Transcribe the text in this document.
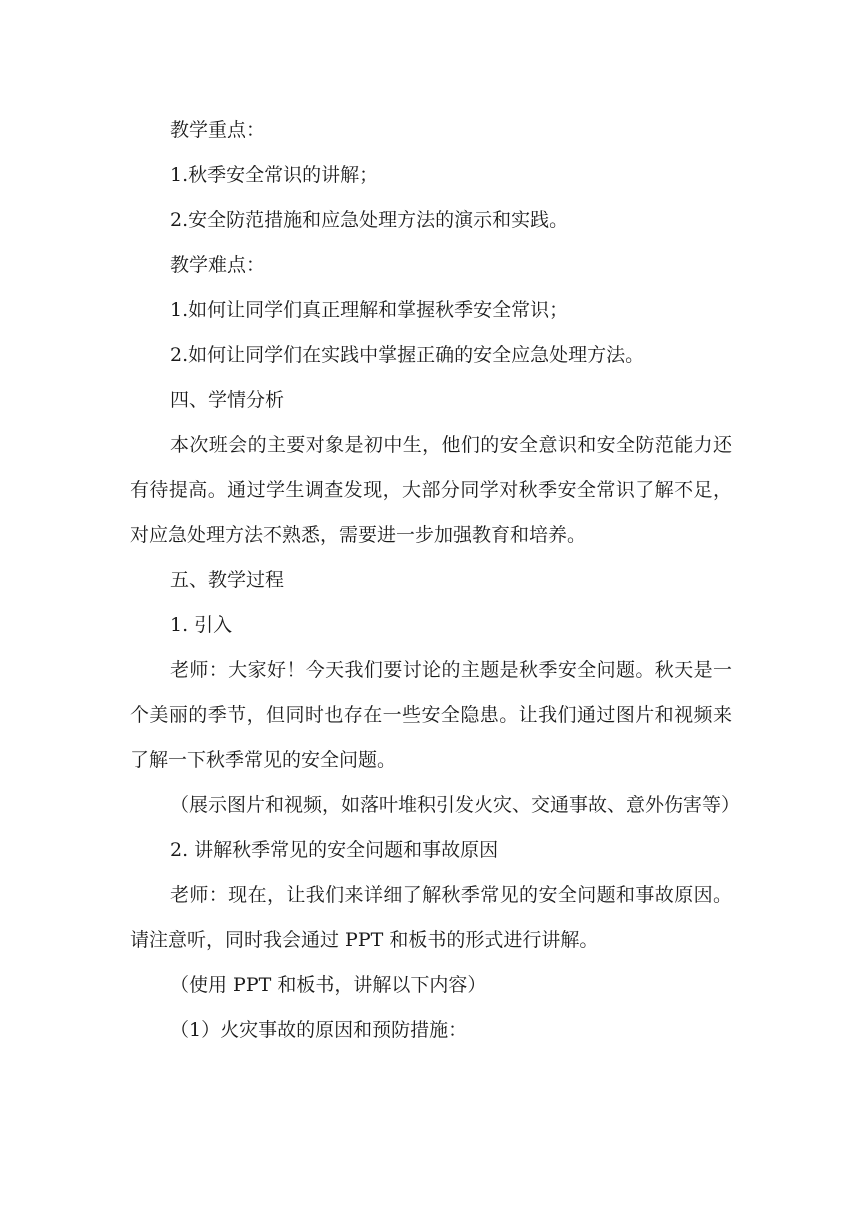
教学重点：

1.秋季安全常识的讲解；

2.安全防范措施和应急处理方法的演示和实践。

教学难点：

1.如何让同学们真正理解和掌握秋季安全常识；

2.如何让同学们在实践中掌握正确的安全应急处理方法。

四、学情分析

本次班会的主要对象是初中生，他们的安全意识和安全防范能力还有待提高。通过学生调查发现，大部分同学对秋季安全常识了解不足，对应急处理方法不熟悉，需要进一步加强教育和培养。

五、教学过程

1. 引入

老师：大家好！今天我们要讨论的主题是秋季安全问题。秋天是一个美丽的季节，但同时也存在一些安全隐患。让我们通过图片和视频来了解一下秋季常见的安全问题。

（展示图片和视频，如落叶堆积引发火灾、交通事故、意外伤害等）

2. 讲解秋季常见的安全问题和事故原因

老师：现在，让我们来详细了解秋季常见的安全问题和事故原因。请注意听，同时我会通过 PPT 和板书的形式进行讲解。

（使用 PPT 和板书，讲解以下内容）

（1）火灾事故的原因和预防措施：
